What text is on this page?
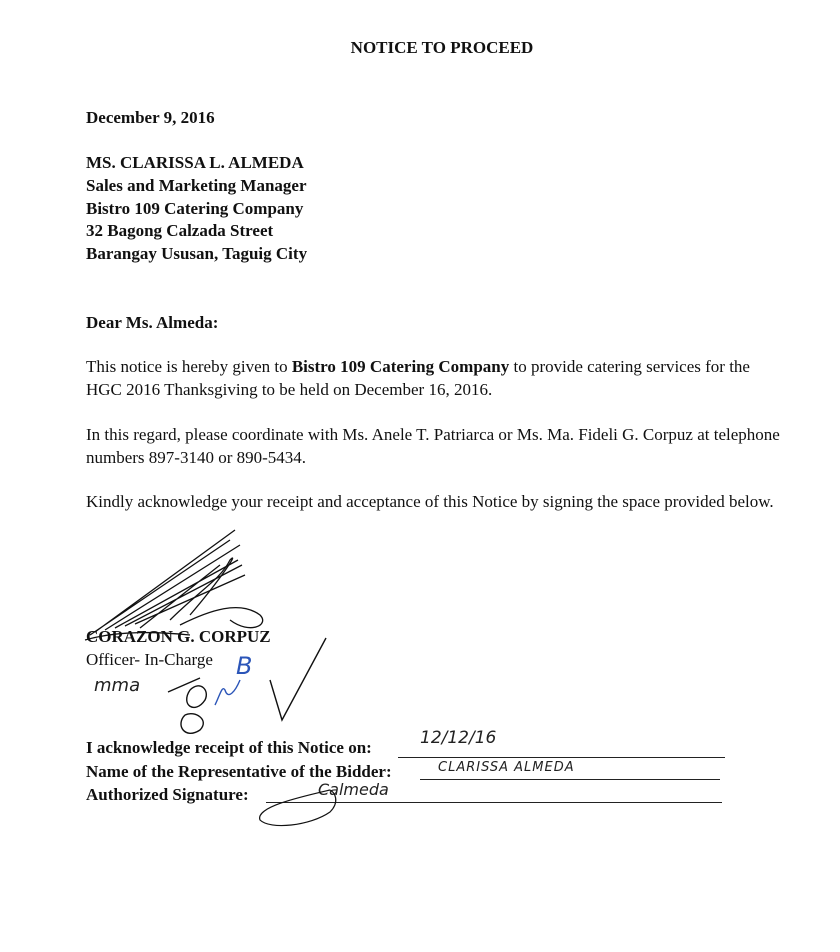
NOTICE TO PROCEED
December 9, 2016
MS. CLARISSA L. ALMEDA
Sales and Marketing Manager
Bistro 109 Catering Company
32 Bagong Calzada Street
Barangay Ususan, Taguig City
Dear Ms. Almeda:
This notice is hereby given to Bistro 109 Catering Company to provide catering services for the HGC 2016 Thanksgiving to be held on December 16, 2016.
In this regard, please coordinate with Ms. Anele T. Patriarca or Ms. Ma. Fideli G. Corpuz at telephone numbers 897-3140 or 890-5434.
Kindly acknowledge your receipt and acceptance of this Notice by signing the space provided below.
CORAZON G. CORPUZ
Officer- In-Charge
mma
B
I acknowledge receipt of this Notice on:	12/12/16
Name of the Representative of the Bidder:	CLARISSA ALMEDA
Authorized Signature:	Calmeda
